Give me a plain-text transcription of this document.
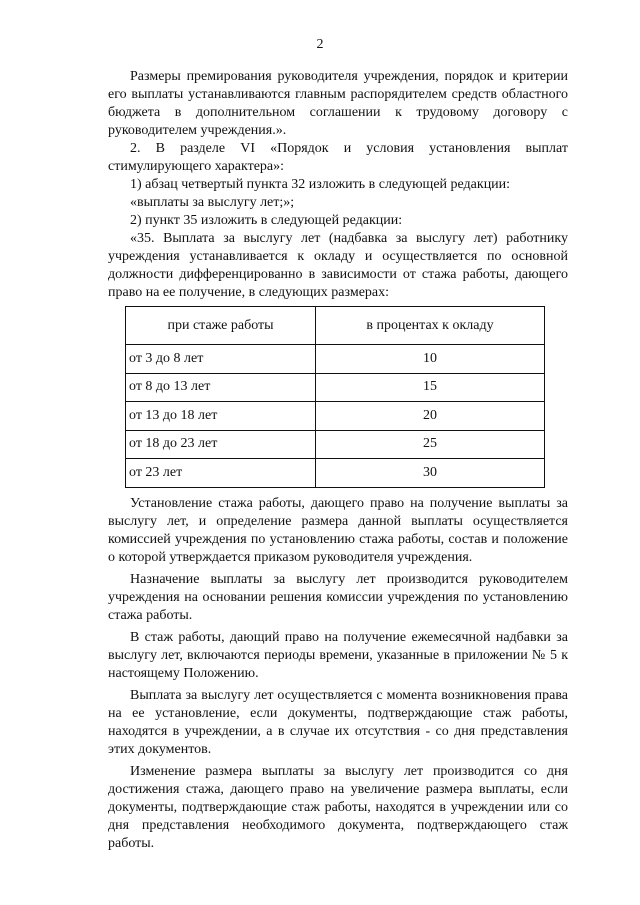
2

Размеры премирования руководителя учреждения, порядок и критерии его выплаты устанавливаются главным распорядителем средств областного бюджета в дополнительном соглашении к трудовому договору с руководителем учреждения.».

2. В разделе VI «Порядок и условия установления выплат стимулирующего характера»:

1) абзац четвертый пункта 32 изложить в следующей редакции:

«выплаты за выслугу лет;»;

2) пункт 35 изложить в следующей редакции:

«35. Выплата за выслугу лет (надбавка за выслугу лет) работнику учреждения устанавливается к окладу и осуществляется по основной должности дифференцированно в зависимости от стажа работы, дающего право на ее получение, в следующих размерах:

при стаже работы	в процентах к окладу
от 3 до 8 лет	10
от 8 до 13 лет	15
от 13 до 18 лет	20
от 18 до 23 лет	25
от 23 лет	30

Установление стажа работы, дающего право на получение выплаты за выслугу лет, и определение размера данной выплаты осуществляется комиссией учреждения по установлению стажа работы, состав и положение о которой утверждается приказом руководителя учреждения.

Назначение выплаты за выслугу лет производится руководителем учреждения на основании решения комиссии учреждения по установлению стажа работы.

В стаж работы, дающий право на получение ежемесячной надбавки за выслугу лет, включаются периоды времени, указанные в приложении № 5 к настоящему Положению.

Выплата за выслугу лет осуществляется с момента возникновения права на ее установление, если документы, подтверждающие стаж работы, находятся в учреждении, а в случае их отсутствия - со дня представления этих документов.

Изменение размера выплаты за выслугу лет производится со дня достижения стажа, дающего право на увеличение размера выплаты, если документы, подтверждающие стаж работы, находятся в учреждении или со дня представления необходимого документа, подтверждающего стаж работы.
